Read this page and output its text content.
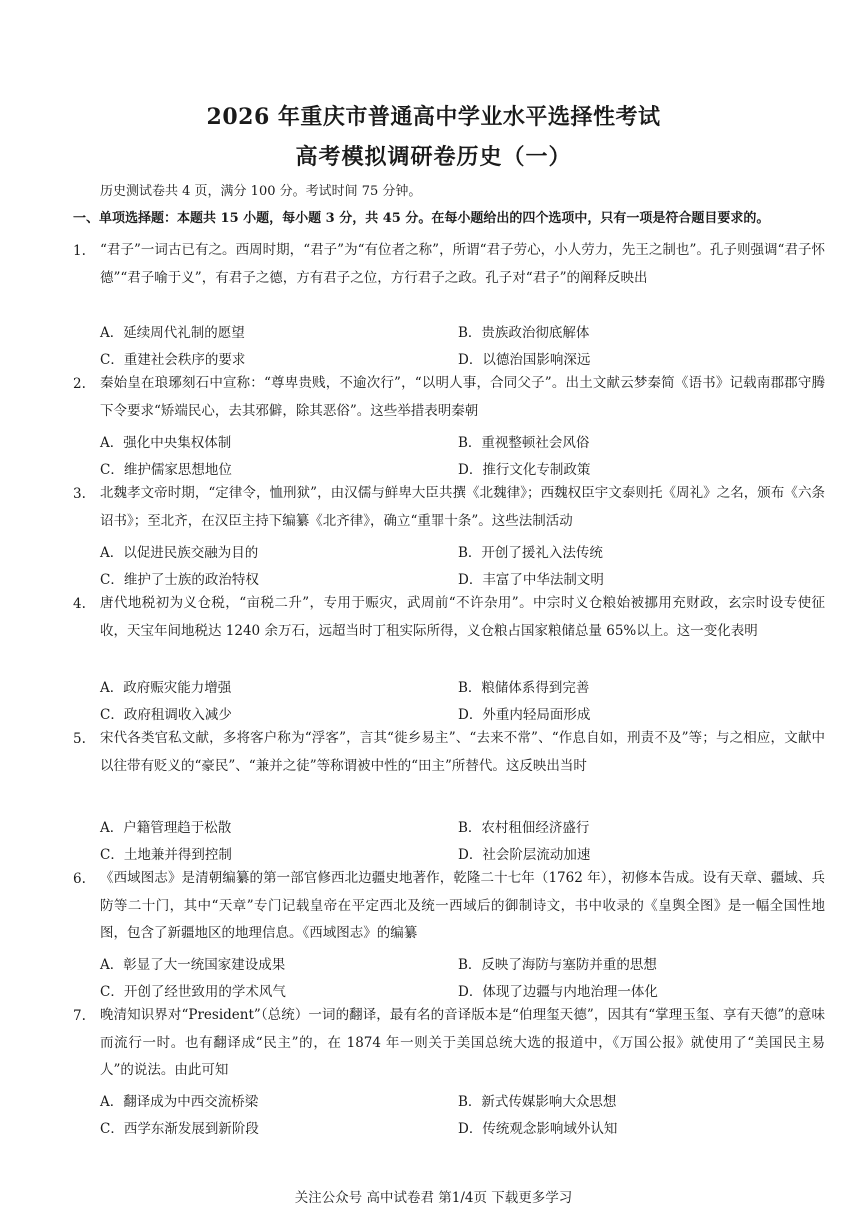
2026 年重庆市普通高中学业水平选择性考试
高考模拟调研卷历史（一）
历史测试卷共 4 页，满分 100 分。考试时间 75 分钟。
一、单项选择题：本题共 15 小题，每小题 3 分，共 45 分。在每小题给出的四个选项中，只有一项是符合题目要求的。
1. “君子”一词古已有之。西周时期，“君子”为“有位者之称”，所谓“君子劳心，小人劳力，先王之制也”。孔子则强调“君子怀德”“君子喻于义”，有君子之德，方有君子之位，方行君子之政。孔子对“君子”的阐释反映出
A．延续周代礼制的愿望	B．贵族政治彻底解体
C．重建社会秩序的要求	D．以德治国影响深远
2. 秦始皇在琅琊刻石中宣称：“尊卑贵贱，不逾次行”，“以明人事，合同父子”。出土文献云梦秦简《语书》记载南郡郡守腾下令要求“矫端民心，去其邪僻，除其恶俗”。这些举措表明秦朝
A．强化中央集权体制	B．重视整顿社会风俗
C．维护儒家思想地位	D．推行文化专制政策
3. 北魏孝文帝时期，“定律令，恤刑狱”，由汉儒与鲜卑大臣共撰《北魏律》；西魏权臣宇文泰则托《周礼》之名，颁布《六条诏书》；至北齐，在汉臣主持下编纂《北齐律》，确立“重罪十条”。这些法制活动
A．以促进民族交融为目的	B．开创了援礼入法传统
C．维护了士族的政治特权	D．丰富了中华法制文明
4. 唐代地税初为义仓税，“亩税二升”，专用于赈灾，武周前“不许杂用”。中宗时义仓粮始被挪用充财政，玄宗时设专使征收，天宝年间地税达 1240 余万石，远超当时丁租实际所得，义仓粮占国家粮储总量 65%以上。这一变化表明
A．政府赈灾能力增强	B．粮储体系得到完善
C．政府租调收入减少	D．外重内轻局面形成
5. 宋代各类官私文献，多将客户称为“浮客”，言其“徙乡易主”、“去来不常”、“作息自如，刑责不及”等；与之相应，文献中以往带有贬义的“豪民”、“兼并之徒”等称谓被中性的“田主”所替代。这反映出当时
A．户籍管理趋于松散	B．农村租佃经济盛行
C．土地兼并得到控制	D．社会阶层流动加速
6. 《西域图志》是清朝编纂的第一部官修西北边疆史地著作，乾隆二十七年（1762 年），初修本告成。设有天章、疆域、兵防等二十门，其中“天章”专门记载皇帝在平定西北及统一西域后的御制诗文，书中收录的《皇舆全图》是一幅全国性地图，包含了新疆地区的地理信息。《西域图志》的编纂
A．彰显了大一统国家建设成果	B．反映了海防与塞防并重的思想
C．开创了经世致用的学术风气	D．体现了边疆与内地治理一体化
7. 晚清知识界对“President”（总统）一词的翻译，最有名的音译版本是“伯理玺天德”，因其有“掌理玉玺、享有天德”的意味而流行一时。也有翻译成“民主”的，在 1874 年一则关于美国总统大选的报道中，《万国公报》就使用了“美国民主易人”的说法。由此可知
A．翻译成为中西交流桥梁	B．新式传媒影响大众思想
C．西学东渐发展到新阶段	D．传统观念影响域外认知
关注公众号 高中试卷君 第1/4页 下载更多学习
